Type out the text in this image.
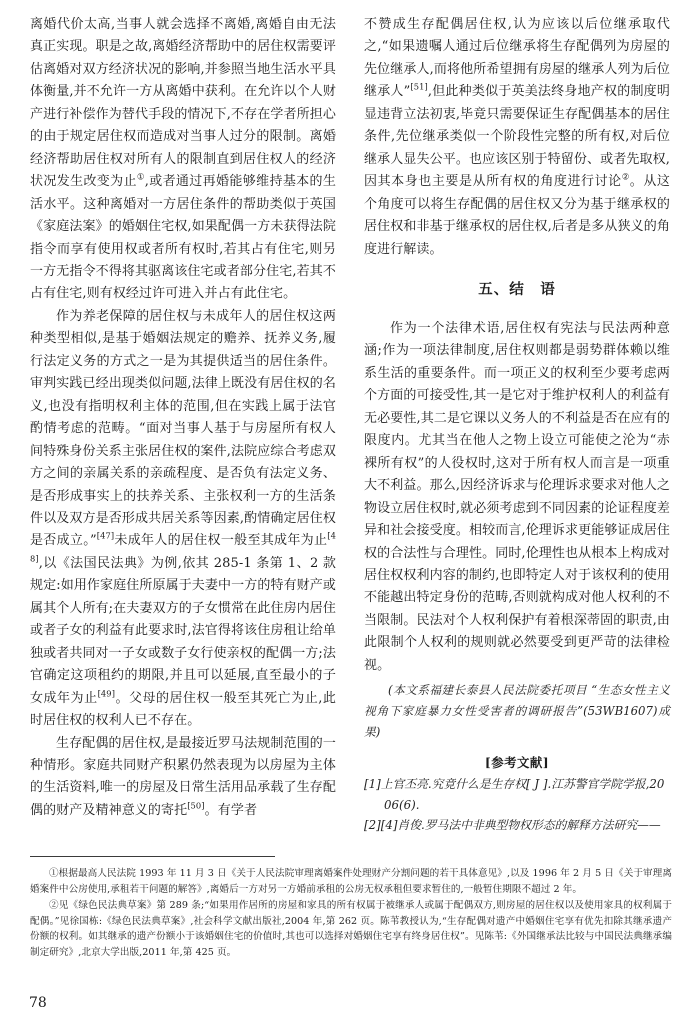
离婚代价太高,当事人就会选择不离婚,离婚自由无法真正实现。职是之故,离婚经济帮助中的居住权需要评估离婚对双方经济状况的影响,并参照当地生活水平具体衡量,并不允许一方从离婚中获利。在允许以个人财产进行补偿作为替代手段的情况下,不存在学者所担心的由于规定居住权而造成对当事人过分的限制。离婚经济帮助居住权对所有人的限制直到居住权人的经济状况发生改变为止①,或者通过再婚能够维持基本的生活水平。这种离婚对一方居住条件的帮助类似于英国《家庭法案》的婚姻住宅权,如果配偶一方未获得法院指令而享有使用权或者所有权时,若其占有住宅,则另一方无指令不得将其驱离该住宅或者部分住宅,若其不占有住宅,则有权经过许可进入并占有此住宅。

作为养老保障的居住权与未成年人的居住权这两种类型相似,是基于婚姻法规定的赡养、抚养义务,履行法定义务的方式之一是为其提供适当的居住条件。审判实践已经出现类似问题,法律上既没有居住权的名义,也没有指明权利主体的范围,但在实践上属于法官酌情考虑的范畴。“面对当事人基于与房屋所有权人间特殊身份关系主张居住权的案件,法院应综合考虑双方之间的亲属关系的亲疏程度、是否负有法定义务、是否形成事实上的扶养关系、主张权利一方的生活条件以及双方是否形成共居关系等因素,酌情确定居住权是否成立。”[47]未成年人的居住权一般至其成年为止[48],以《法国民法典》为例,依其 285-1 条第 1、2 款规定:如用作家庭住所原属于夫妻中一方的特有财产或属其个人所有;在夫妻双方的子女惯常在此住房内居住或者子女的利益有此要求时,法官得将该住房租让给单独或者共同对一子女或数子女行使亲权的配偶一方;法官确定这项租约的期限,并且可以延展,直至最小的子女成年为止[49]。父母的居住权一般至其死亡为止,此时居住权的权利人已不存在。

生存配偶的居住权,是最接近罗马法规制范围的一种情形。家庭共同财产积累仍然表现为以房屋为主体的生活资料,唯一的房屋及日常生活用品承载了生存配偶的财产及精神意义的寄托[50]。有学者

不赞成生存配偶居住权,认为应该以后位继承取代之,“如果遗嘱人通过后位继承将生存配偶列为房屋的先位继承人,而将他所希望拥有房屋的继承人列为后位继承人”[51],但此种类似于英美法终身地产权的制度明显违背立法初衷,毕竟只需要保证生存配偶基本的居住条件,先位继承类似一个阶段性完整的所有权,对后位继承人显失公平。也应该区别于特留份、或者先取权,因其本身也主要是从所有权的角度进行讨论②。从这个角度可以将生存配偶的居住权又分为基于继承权的居住权和非基于继承权的居住权,后者是多从狭义的角度进行解读。

五、结　语

作为一个法律术语,居住权有宪法与民法两种意涵;作为一项法律制度,居住权则都是弱势群体赖以维系生活的重要条件。而一项正义的权利至少要考虑两个方面的可接受性,其一是它对于维护权利人的利益有无必要性,其二是它课以义务人的不利益是否在应有的限度内。尤其当在他人之物上设立可能使之沦为“赤裸所有权”的人役权时,这对于所有权人而言是一项重大不利益。那么,因经济诉求与伦理诉求要求对他人之物设立居住权时,就必须考虑到不同因素的论证程度差异和社会接受度。相较而言,伦理诉求更能够证成居住权的合法性与合理性。同时,伦理性也从根本上构成对居住权权利内容的制约,也即特定人对于该权利的使用不能越出特定身份的范畴,否则就构成对他人权利的不当限制。民法对个人权利保护有着根深蒂固的职责,由此限制个人权利的规则就必然要受到更严苛的法律检视。

(本文系福建长泰县人民法院委托项目 “生态女性主义视角下家庭暴力女性受害者的调研报告”(53WB1607)成果)

[参考文献]

[1]上官丕亮.究竟什么是生存权[ J ].江苏警官学院学报,2006(6).

[2][4]肖俊.罗马法中非典型物权形态的解释方法研究——

①根据最高人民法院 1993 年 11 月 3 日《关于人民法院审理离婚案件处理财产分割问题的若干具体意见》,以及 1996 年 2 月 5 日《关于审理离婚案件中公房使用,承租若干问题的解答》,离婚后一方对另一方婚前承租的公房无权承租但要求暂住的,一般暂住期限不超过 2 年。

②见《绿色民法典草案》第 289 条;“如果用作居所的房屋和家具的所有权属于被继承人或属于配偶双方,则房屋的居住权以及使用家具的权利属于配偶。”见徐国栋:《绿色民法典草案》,社会科学文献出版社,2004 年,第 262 页。陈苇教授认为,“生存配偶对遗产中婚姻住宅享有优先扣除其继承遗产份额的权利。如其继承的遗产份额小于该婚姻住宅的价值时,其也可以选择对婚姻住宅享有终身居住权”。见陈苇:《外国继承法比较与中国民法典继承编制定研究》,北京大学出版,2011 年,第 425 页。

78
